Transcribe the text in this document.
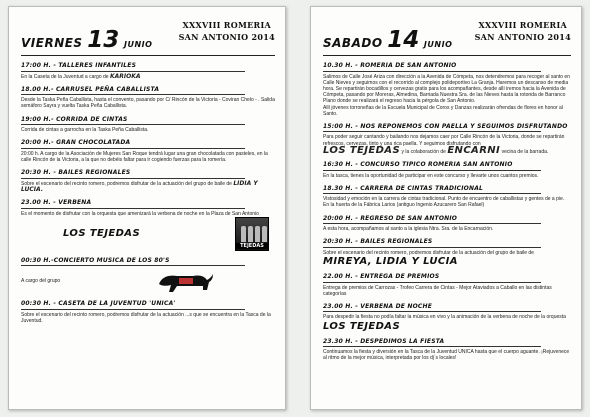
VIERNES 13 JUNIO
XXXVIII ROMERIA
SAN ANTONIO 2014
17:00 H. - TALLERES INFANTILES
En la Caseta de la Juventud a cargo de KARIOKA
18.00 H.- CARRUSEL PEÑA CABALLISTA
Desde la Taska Peña Caballista, hasta el convento, pasando por C/ Rincón de la Victoria - Coviran Chelo - . Salida semáforo Sayra y vuelta Taska Peña Caballista.
19:00 H.- CORRIDA DE CINTAS
Corrida de cintas a garrocha en la Taska Peña Caballista.
20:00 H.- GRAN CHOCOLATADA
20:00 h. A cargo de la Asociación de Mujeres San Roque tendrá lugar una gran chocolatada con pasteles, en la calle Rincón de la Victoria, a la que no debéis faltar para ir cogiendo fuerzas para la romería.
20:30 H. - BAILES REGIONALES
Sobre el escenario del recinto romero, podremos disfrutar de la actuación del grupo de baile de LIDIA Y LUCIA.
23.00 H. - VERBENA
Es el momento de disfrutar con la orquesta que amenizará la verbena de noche en la Plaza de San Antonio
LOS TEJEDAS
TEJEDAS
00:30 H.-CONCIERTO MUSICA DE LOS 80'S
A cargo del grupo
00:30 H. - CASETA DE LA JUVENTUD 'UNICA'
Sobre el escenario del recinto romero, podremos disfrutar de la actuación ...s que se encuentra en la Tasca de la Juventud.
SABADO 14 JUNIO
XXXVIII ROMERIA
SAN ANTONIO 2014
10.30 H. - ROMERIA DE SAN ANTONIO
Salimos de Calle José Ariza con dirección a la Avenida de Cómpeta, nos detendremos para recoger al santo en Calle Nieves y seguimos con el recorrido al complejo polideportivo La Granja. Haremos un descanso de media hora. Se repartirán bocadillos y cervezas gratis para los acompañantes, desde allí iremos hacia la Avenida de Cómpeta, pasando por Moreras, Almedina, Barriada Nuestra Sra. de las Nieves hasta la rotonda de Barranco Plano donde se realizará el regreso hacia la pérgola de San Antonio.
Allí jóvenes torroneñas de la Escuela Municipal de Coros y Danzas realizarán ofrendas de flores en honor al Santo.
15:00 H. - NOS REPONEMOS CON PAELLA Y SEGUIMOS DISFRUTANDO
Para poder seguir cantando y bailando nos dejamos caer por Calle Rincón de la Victoria, donde se repartirán refrescos, cervezas, tinto y una rica paella. Y seguimos disfrutando con
LOS TEJEDAS y la colaboración de ENCARNI vecina de la barrada.
16:30 H. - CONCURSO TIPICO ROMERIA SAN ANTONIO
En la tasca, tienes la oportunidad de participar en este concurso y llevarte unos cuantos premios.
18.30 H. - CARRERA DE CINTAS TRADICIONAL
Vistosidad y emoción en la carrera de cintas tradicional. Punto de encuentro de caballistas y gentes de a pie. En la huerta de la Fábrica Larios (antiguo Ingenio Azucarero San Rafael)
20:00 H. - REGRESO DE SAN ANTONIO
A esta hora, acompañamos al santo a la iglesia Ntra. Sra. de la Encarnación.
20:30 H. - BAILES REGIONALES
Sobre el escenario del recinto romero, podremos disfrutar de la actuación del grupo de baile de
MIREYA, LIDIA Y LUCIA
22.00 H. - ENTREGA DE PREMIOS
Entrega de premios de Carrozas - Trofeo Carrera de Cintas - Mejor Ataviados a Caballo en las distintas categorías
23.00 H. - VERBENA DE NOCHE
Para despedir la fiesta no podía faltar la música en vivo y la animación de la verbena de noche de la orquesta
LOS TEJEDAS
23.30 H. - DESPEDIMOS LA FIESTA
Continuamos la fiesta y diversión en la Tasca de la Juventud UNICA hasta que el cuerpo aguante. ¡Rejuvenece al ritmo de la mejor música, interpretada por los dj´s locales!
